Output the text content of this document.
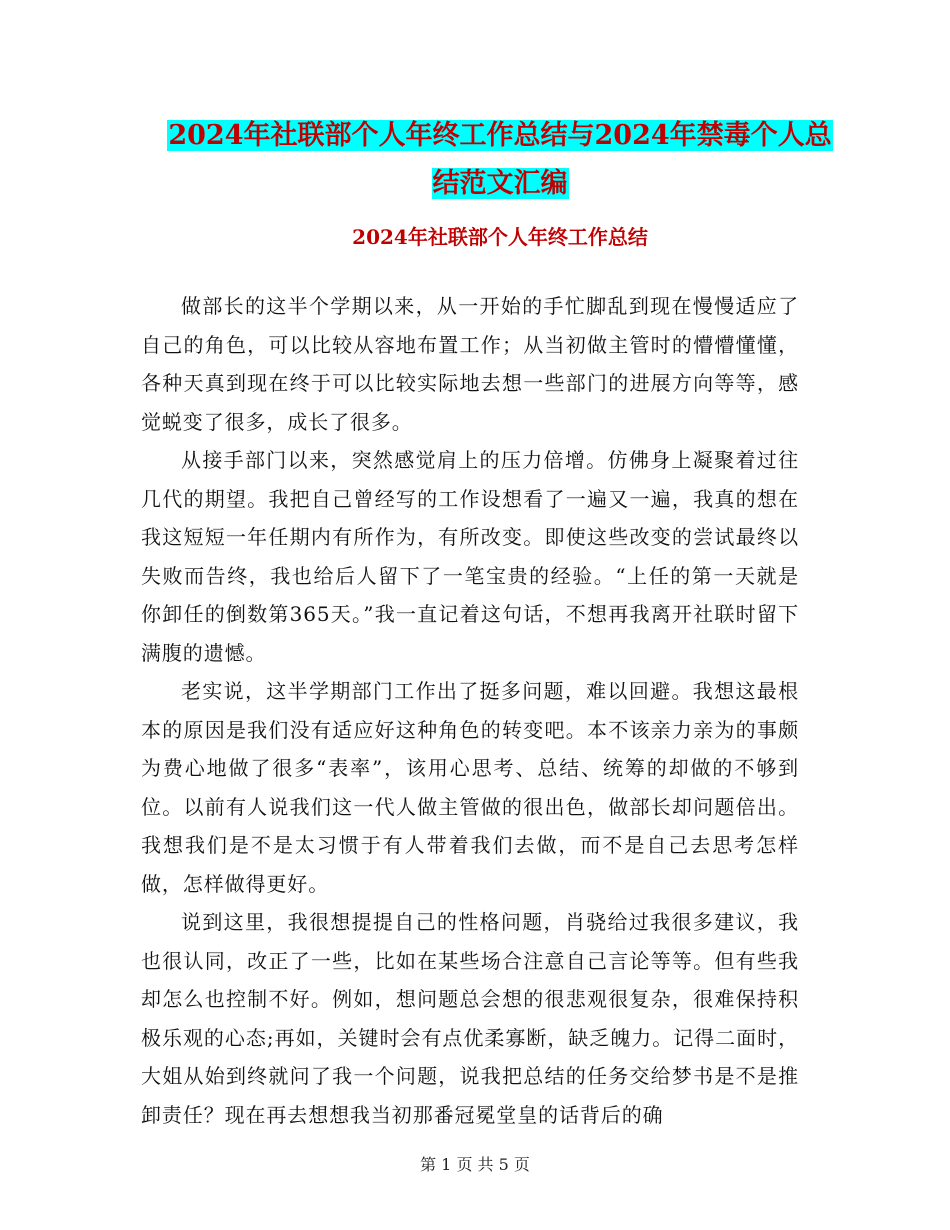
2024年社联部个人年终工作总结与2024年禁毒个人总
结范文汇编
2024年社联部个人年终工作总结

做部长的这半个学期以来，从一开始的手忙脚乱到现在慢慢适应了自己的角色，可以比较从容地布置工作；从当初做主管时的懵懵懂懂，各种天真到现在终于可以比较实际地去想一些部门的进展方向等等，感觉蜕变了很多，成长了很多。

从接手部门以来，突然感觉肩上的压力倍增。仿佛身上凝聚着过往几代的期望。我把自己曾经写的工作设想看了一遍又一遍，我真的想在我这短短一年任期内有所作为，有所改变。即使这些改变的尝试最终以失败而告终，我也给后人留下了一笔宝贵的经验。“上任的第一天就是你卸任的倒数第365天。”我一直记着这句话，不想再我离开社联时留下满腹的遗憾。

老实说，这半学期部门工作出了挺多问题，难以回避。我想这最根本的原因是我们没有适应好这种角色的转变吧。本不该亲力亲为的事颇为费心地做了很多“表率”，该用心思考、总结、统筹的却做的不够到位。以前有人说我们这一代人做主管做的很出色，做部长却问题倍出。我想我们是不是太习惯于有人带着我们去做，而不是自己去思考怎样做，怎样做得更好。

说到这里，我很想提提自己的性格问题，肖骁给过我很多建议，我也很认同，改正了一些，比如在某些场合注意自己言论等等。但有些我却怎么也控制不好。例如，想问题总会想的很悲观很复杂，很难保持积极乐观的心态;再如，关键时会有点优柔寡断，缺乏魄力。记得二面时，大姐从始到终就问了我一个问题，说我把总结的任务交给梦书是不是推卸责任？现在再去想想我当初那番冠冕堂皇的话背后的确

第 1 页 共 5 页
